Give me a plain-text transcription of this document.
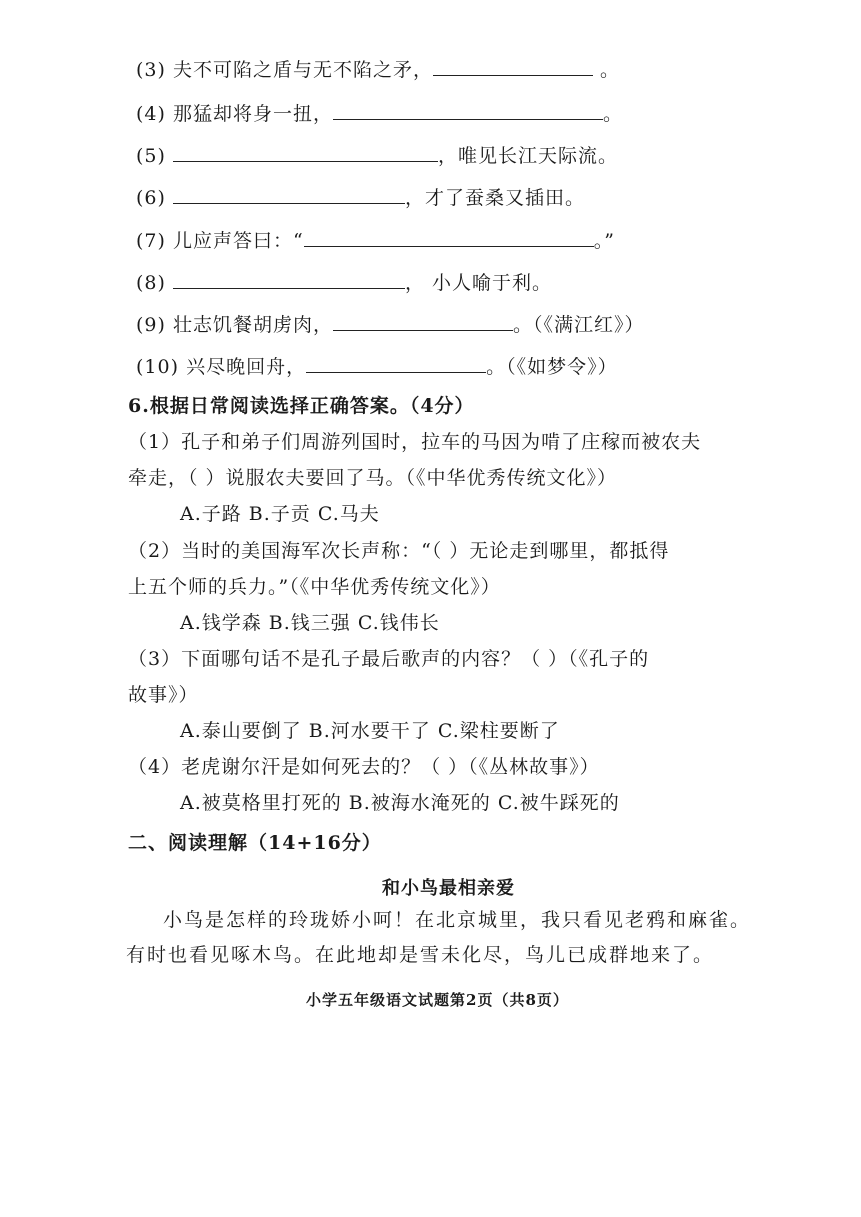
(3) 夫不可陷之盾与无不陷之矛，	。
(4) 那猛却将身一扭，	。
(5)	，唯见长江天际流。
(6)	，才了蚕桑又插田。
(7) 儿应声答曰：“	。”
(8)	， 小人喻于利。
(9) 壮志饥餐胡虏肉，	。（《满江红》）
(10) 兴尽晚回舟，	。（《如梦令》）
6.根据日常阅读选择正确答案。（4分）
（1）孔子和弟子们周游列国时，拉车的马因为啃了庄稼而被农夫
牵走，（ ）说服农夫要回了马。（《中华优秀传统文化》）
A.子路 B.子贡 C.马夫
（2）当时的美国海军次长声称：“（ ）无论走到哪里，都抵得
上五个师的兵力。”（《中华优秀传统文化》）
A.钱学森 B.钱三强 C.钱伟长
（3）下面哪句话不是孔子最后歌声的内容？（ ）（《孔子的
故事》）
A.泰山要倒了 B.河水要干了 C.梁柱要断了
（4）老虎谢尔汗是如何死去的？（ ）（《丛林故事》）
A.被莫格里打死的 B.被海水淹死的 C.被牛踩死的
二、阅读理解（14+16分）
和小鸟最相亲爱
小鸟是怎样的玲珑娇小呵！在北京城里，我只看见老鸦和麻雀。
有时也看见啄木鸟。在此地却是雪未化尽，鸟儿已成群地来了。
小学五年级语文试题第2页（共8页）
